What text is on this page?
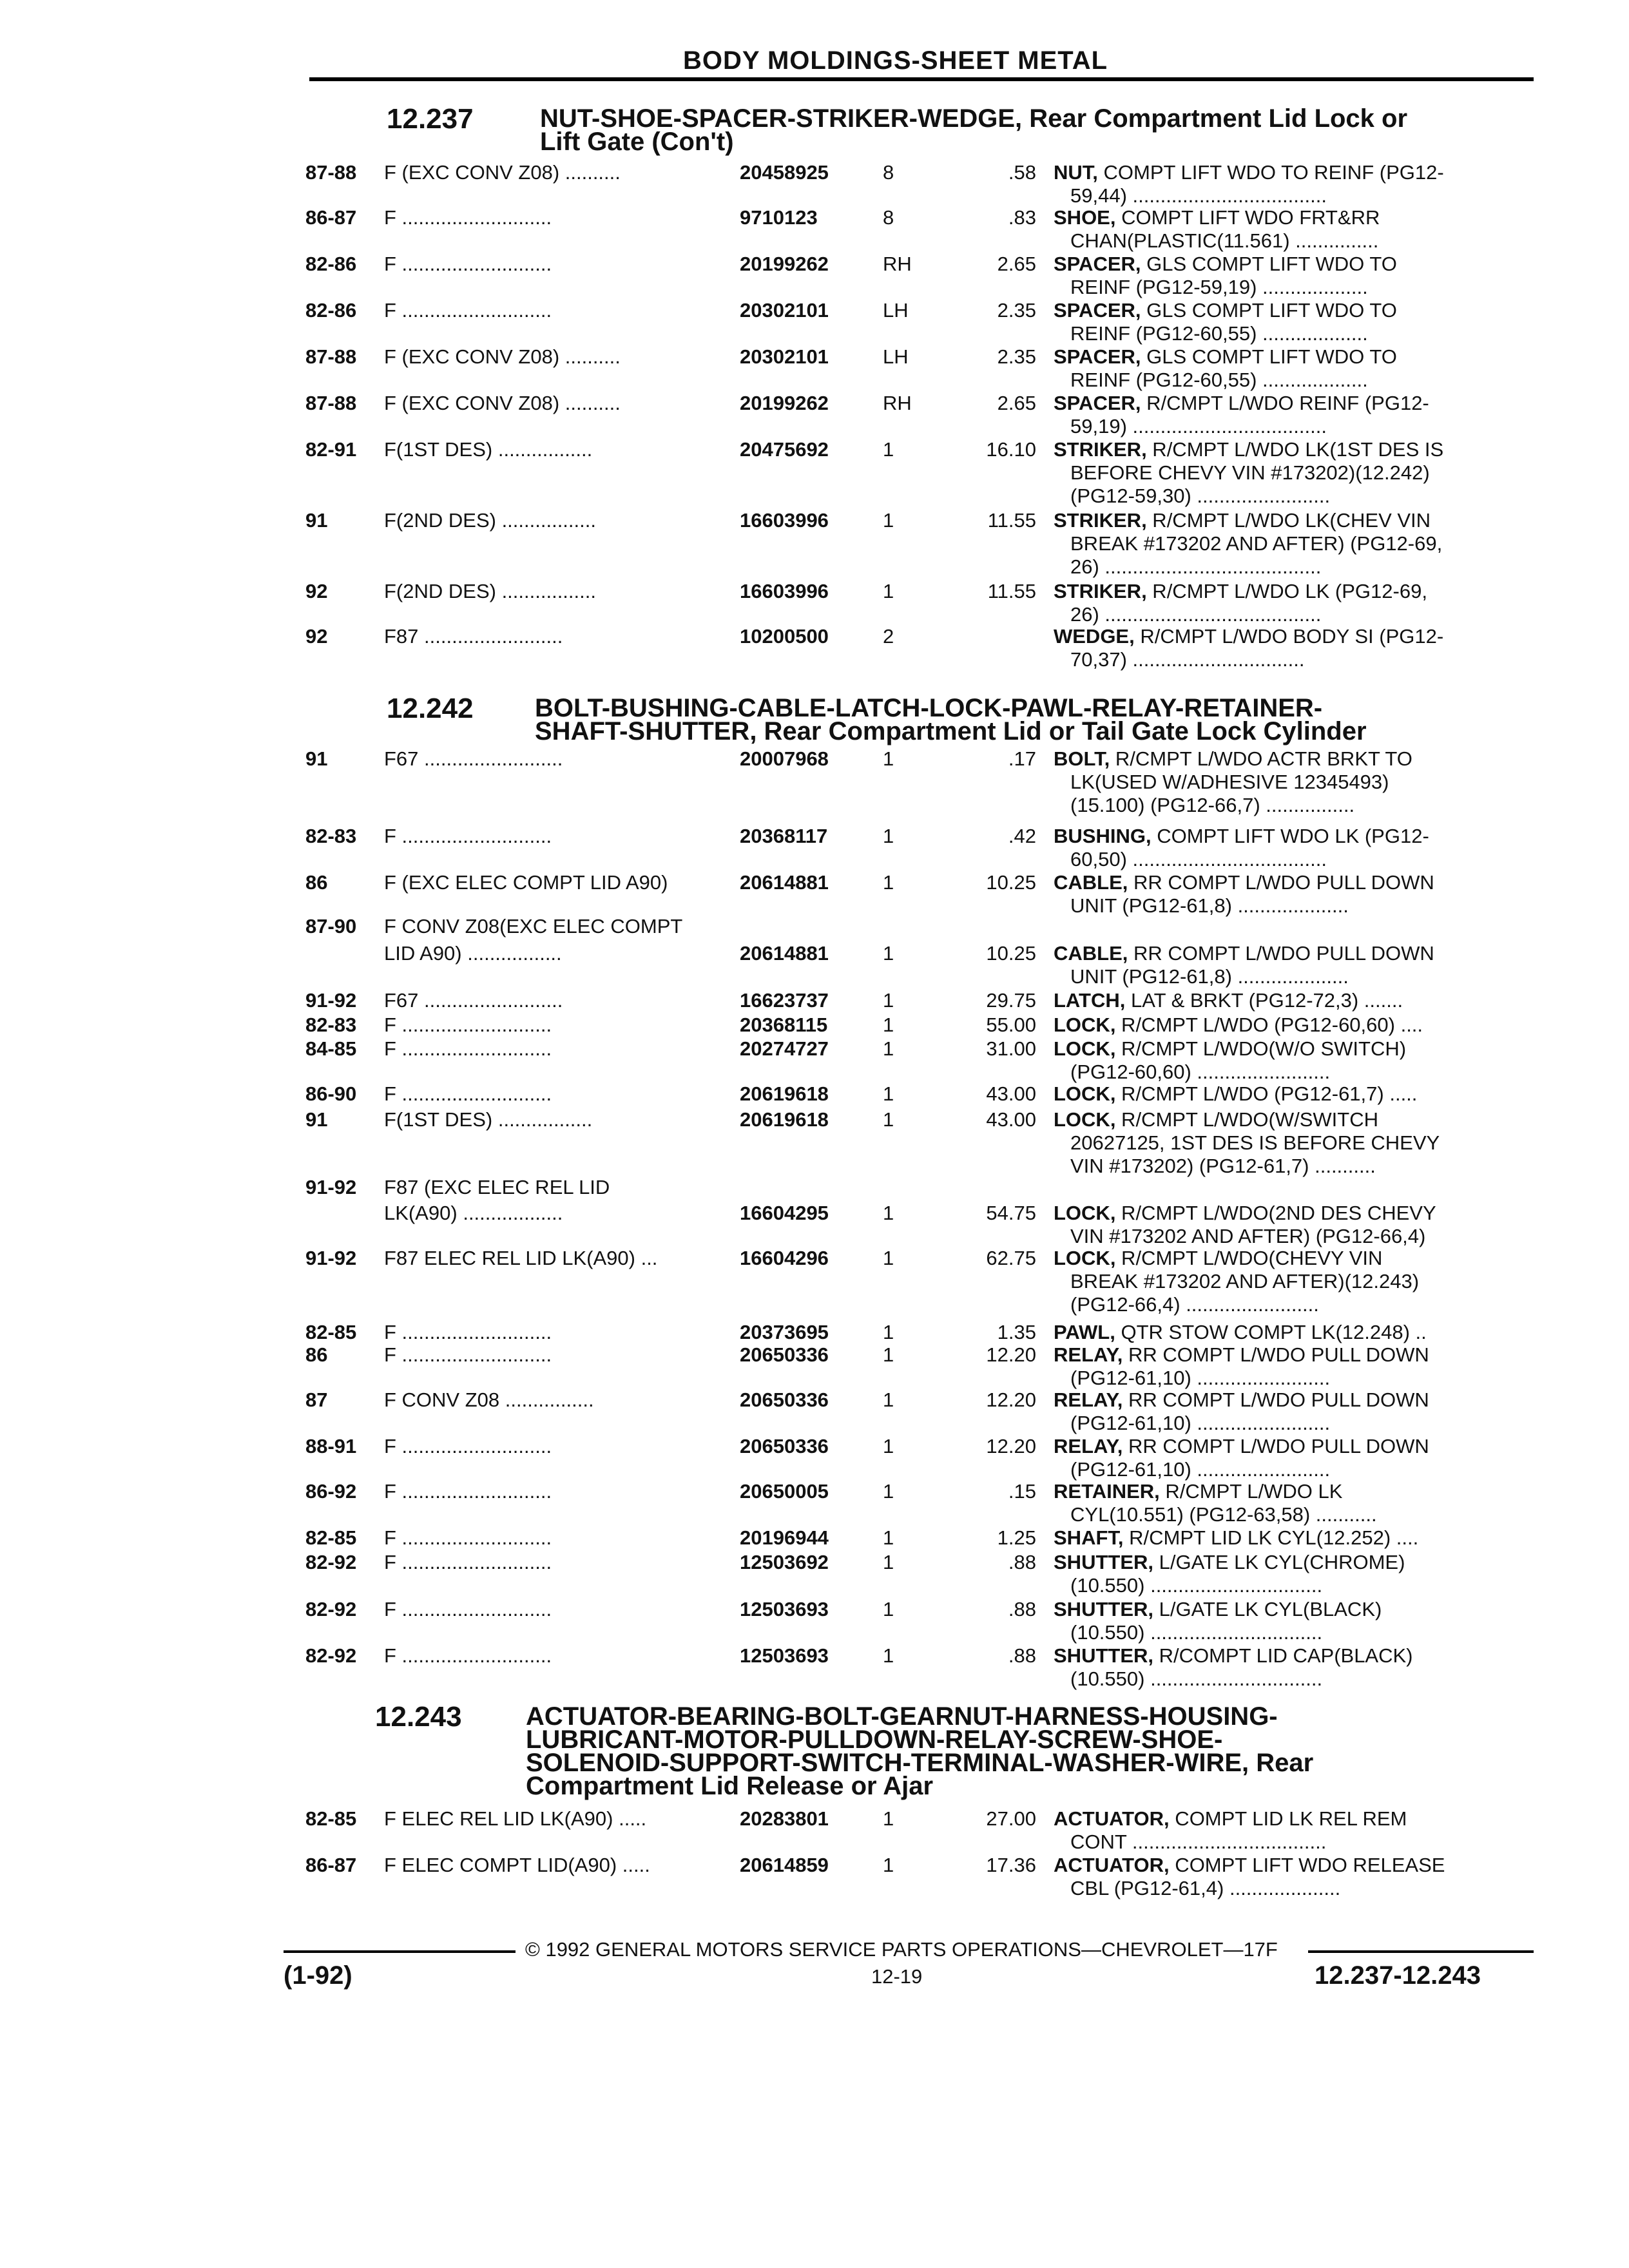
BODY MOLDINGS-SHEET METAL
12.237	NUT-SHOE-SPACER-STRIKER-WEDGE, Rear Compartment Lid Lock or
Lift Gate (Con't)
87-88 F (EXC CONV Z08) ..........	20458925	8	.58 NUT, COMPT LIFT WDO TO REINF (PG12-
59,44) ...................................
86-87 F ...........................	9710123	8	.83 SHOE, COMPT LIFT WDO FRT&RR
CHAN(PLASTIC(11.561) ...............
82-86 F ...........................	20199262	RH	2.65 SPACER, GLS COMPT LIFT WDO TO
REINF (PG12-59,19) ...................
82-86 F ...........................	20302101	LH	2.35 SPACER, GLS COMPT LIFT WDO TO
REINF (PG12-60,55) ...................
87-88 F (EXC CONV Z08) ..........	20302101	LH	2.35 SPACER, GLS COMPT LIFT WDO TO
REINF (PG12-60,55) ...................
87-88 F (EXC CONV Z08) ..........	20199262	RH	2.65 SPACER, R/CMPT L/WDO REINF (PG12-
59,19) ...................................
82-91 F(1ST DES) .................	20475692	1	16.10 STRIKER, R/CMPT L/WDO LK(1ST DES IS
BEFORE CHEVY VIN #173202)(12.242)
(PG12-59,30) ........................
91	F(2ND DES) .................	16603996	1	11.55 STRIKER, R/CMPT L/WDO LK(CHEV VIN
BREAK #173202 AND AFTER) (PG12-69,
26) .......................................
92	F(2ND DES) .................	16603996	1	11.55 STRIKER, R/CMPT L/WDO LK (PG12-69,
26) .......................................
92	F87 .........................	10200500	2	WEDGE, R/CMPT L/WDO BODY SI (PG12-
70,37) ...............................
12.242 BOLT-BUSHING-CABLE-LATCH-LOCK-PAWL-RELAY-RETAINER-
SHAFT-SHUTTER, Rear Compartment Lid or Tail Gate Lock Cylinder
91	F67 .........................	20007968	1	.17 BOLT, R/CMPT L/WDO ACTR BRKT TO
LK(USED W/ADHESIVE 12345493)
(15.100) (PG12-66,7) ................
82-83 F ...........................	20368117	1	.42 BUSHING, COMPT LIFT WDO LK (PG12-
60,50) ...................................
86	F (EXC ELEC COMPT LID A90)	20614881	1	10.25 CABLE, RR COMPT L/WDO PULL DOWN
UNIT (PG12-61,8) ....................
87-90 F CONV Z08(EXC ELEC COMPT
LID A90) .................	20614881	1	10.25 CABLE, RR COMPT L/WDO PULL DOWN
UNIT (PG12-61,8) ....................
91-92 F67 .........................	16623737	1	29.75 LATCH, LAT & BRKT (PG12-72,3) .......
82-83 F ...........................	20368115	1	55.00 LOCK, R/CMPT L/WDO (PG12-60,60) ....
84-85 F ...........................	20274727	1	31.00 LOCK, R/CMPT L/WDO(W/O SWITCH)
(PG12-60,60) ........................
86-90 F ...........................	20619618	1	43.00 LOCK, R/CMPT L/WDO (PG12-61,7) .....
91	F(1ST DES) .................	20619618	1	43.00 LOCK, R/CMPT L/WDO(W/SWITCH
20627125, 1ST DES IS BEFORE CHEVY
VIN #173202) (PG12-61,7) ...........
91-92 F87 (EXC ELEC REL LID
LK(A90) ..................	16604295	1	54.75 LOCK, R/CMPT L/WDO(2ND DES CHEVY
VIN #173202 AND AFTER) (PG12-66,4)
91-92 F87 ELEC REL LID LK(A90) ...	16604296	1	62.75 LOCK, R/CMPT L/WDO(CHEVY VIN
BREAK #173202 AND AFTER)(12.243)
(PG12-66,4) ........................
82-85 F ...........................	20373695	1	1.35 PAWL, QTR STOW COMPT LK(12.248) ..
86	F ...........................	20650336	1	12.20 RELAY, RR COMPT L/WDO PULL DOWN
(PG12-61,10) ........................
87	F CONV Z08 ................	20650336	1	12.20 RELAY, RR COMPT L/WDO PULL DOWN
(PG12-61,10) ........................
88-91 F ...........................	20650336	1	12.20 RELAY, RR COMPT L/WDO PULL DOWN
(PG12-61,10) ........................
86-92 F ...........................	20650005	1	.15 RETAINER, R/CMPT L/WDO LK
CYL(10.551) (PG12-63,58) ...........
82-85 F ...........................	20196944	1	1.25 SHAFT, R/CMPT LID LK CYL(12.252) ....
82-92 F ...........................	12503692	1	.88 SHUTTER, L/GATE LK CYL(CHROME)
(10.550) ...............................
82-92 F ...........................	12503693	1	.88 SHUTTER, L/GATE LK CYL(BLACK)
(10.550) ...............................
82-92 F ...........................	12503693	1	.88 SHUTTER, R/COMPT LID CAP(BLACK)
(10.550) ...............................
12.243 ACTUATOR-BEARING-BOLT-GEARNUT-HARNESS-HOUSING-
LUBRICANT-MOTOR-PULLDOWN-RELAY-SCREW-SHOE-
SOLENOID-SUPPORT-SWITCH-TERMINAL-WASHER-WIRE, Rear
Compartment Lid Release or Ajar
82-85 F ELEC REL LID LK(A90) .....	20283801	1	27.00 ACTUATOR, COMPT LID LK REL REM
CONT ...................................
86-87 F ELEC COMPT LID(A90) .....	20614859	1	17.36 ACTUATOR, COMPT LIFT WDO RELEASE
CBL (PG12-61,4) ....................
© 1992 GENERAL MOTORS SERVICE PARTS OPERATIONS—CHEVROLET—17F
(1-92)	12-19	12.237-12.243
